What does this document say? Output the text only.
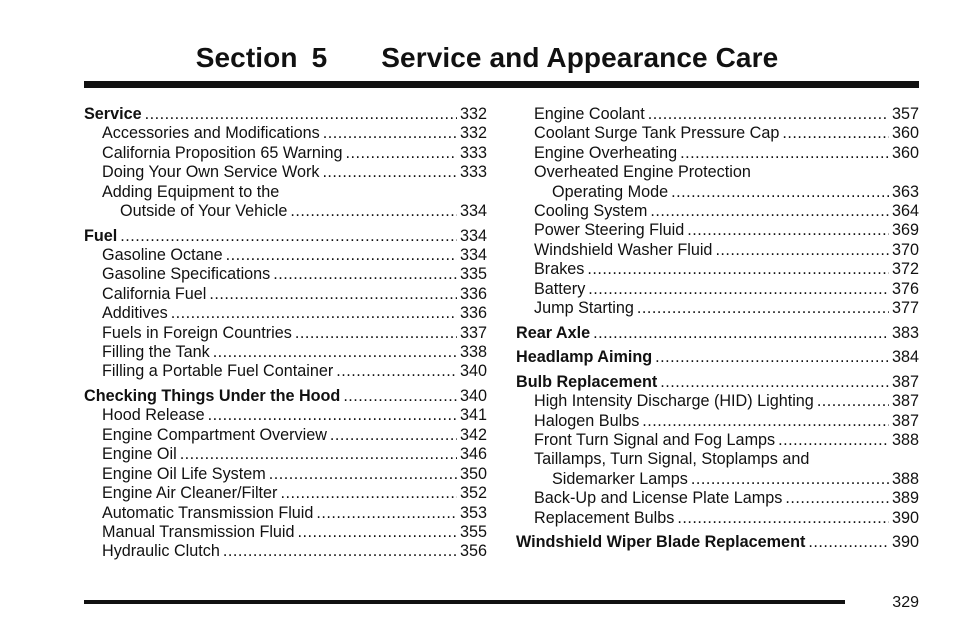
Section 5 Service and Appearance Care
Service .....	332
Accessories and Modifications .....	332
California Proposition 65 Warning .....	333
Doing Your Own Service Work .....	333
Adding Equipment to the
Outside of Your Vehicle .....	334
Fuel .....	334
Gasoline Octane .....	334
Gasoline Specifications .....	335
California Fuel .....	336
Additives .....	336
Fuels in Foreign Countries .....	337
Filling the Tank .....	338
Filling a Portable Fuel Container .....	340
Checking Things Under the Hood .....	340
Hood Release .....	341
Engine Compartment Overview .....	342
Engine Oil .....	346
Engine Oil Life System .....	350
Engine Air Cleaner/Filter .....	352
Automatic Transmission Fluid .....	353
Manual Transmission Fluid .....	355
Hydraulic Clutch .....	356
Engine Coolant .....	357
Coolant Surge Tank Pressure Cap .....	360
Engine Overheating .....	360
Overheated Engine Protection
Operating Mode .....	363
Cooling System .....	364
Power Steering Fluid .....	369
Windshield Washer Fluid .....	370
Brakes .....	372
Battery .....	376
Jump Starting .....	377
Rear Axle .....	383
Headlamp Aiming .....	384
Bulb Replacement .....	387
High Intensity Discharge (HID) Lighting .....	387
Halogen Bulbs .....	387
Front Turn Signal and Fog Lamps .....	388
Taillamps, Turn Signal, Stoplamps and
Sidemarker Lamps .....	388
Back-Up and License Plate Lamps .....	389
Replacement Bulbs .....	390
Windshield Wiper Blade Replacement .....	390
329
